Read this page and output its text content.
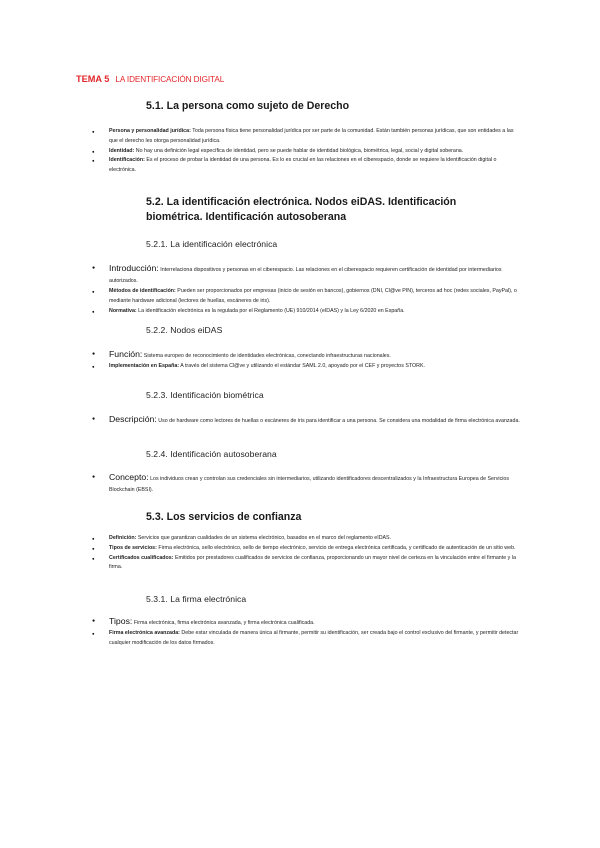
TEMA 5 LA IDENTIFICACIÓN DIGITAL
5.1. La persona como sujeto de Derecho
● Persona y personalidad jurídica: Toda persona física tiene personalidad jurídica por ser parte de la comunidad. Están también personas jurídicas, que son entidades a las que el derecho les otorga personalidad jurídica.
● Identidad: No hay una definición legal específica de identidad, pero se puede hablar de identidad biológica, biométrica, legal, social y digital soberana.
● Identificación: Es el proceso de probar la identidad de una persona. Es lo es crucial en las relaciones en el ciberespacio, donde se requiere la identificación digital o electrónica.
5.2. La identificación electrónica. Nodos eiDAS. Identificación biométrica. Identificación autosoberana
5.2.1. La identificación electrónica
● Introducción: Interrelaciona dispositivos y personas en el ciberespacio. Las relaciones en el ciberespacio requieren certificación de identidad por intermediarios autorizados.
● Métodos de identificación: Pueden ser proporcionados por empresas (inicio de sesión en bancos), gobiernos (DNI, Cl@ve PIN), terceros ad hoc (redes sociales, PayPal), o mediante hardware adicional (lectores de huellas, escáneres de iris).
● Normativa: La identificación electrónica es la regulada por el Reglamento (UE) 910/2014 (eIDAS) y la Ley 6/2020 en España.
5.2.2. Nodos eiDAS
● Función: Sistema europeo de reconocimiento de identidades electrónicas, conectando infraestructuras nacionales.
● Implementación en España: A través del sistema Cl@ve y utilizando el estándar SAML 2.0, apoyado por el CEF y proyectos STORK.
5.2.3. Identificación biométrica
● Descripción: Uso de hardware como lectores de huellas o escáneres de iris para identificar a una persona. Se considera una modalidad de firma electrónica avanzada.
5.2.4. Identificación autosoberana
● Concepto: Los individuos crean y controlan sus credenciales sin intermediarios, utilizando identificadores descentralizados y la Infraestructura Europea de Servicios Blockchain (EBSI).
5.3. Los servicios de confianza
● Definición: Servicios que garantizan cualidades de un sistema electrónico, basados en el marco del reglamento eIDAS.
● Tipos de servicios: Firma electrónica, sello electrónico, sello de tiempo electrónico, servicio de entrega electrónica certificada, y certificado de autenticación de un sitio web.
● Certificados cualificados: Emitidos por prestadores cualificados de servicios de confianza, proporcionando un mayor nivel de certeza en la vinculación entre el firmante y la firma.
5.3.1. La firma electrónica
● Tipos: Firma electrónica, firma electrónica avanzada, y firma electrónica cualificada.
● Firma electrónica avanzada: Debe estar vinculada de manera única al firmante, permitir su identificación, ser creada bajo el control exclusivo del firmante, y permitir detectar cualquier modificación de los datos firmados.
